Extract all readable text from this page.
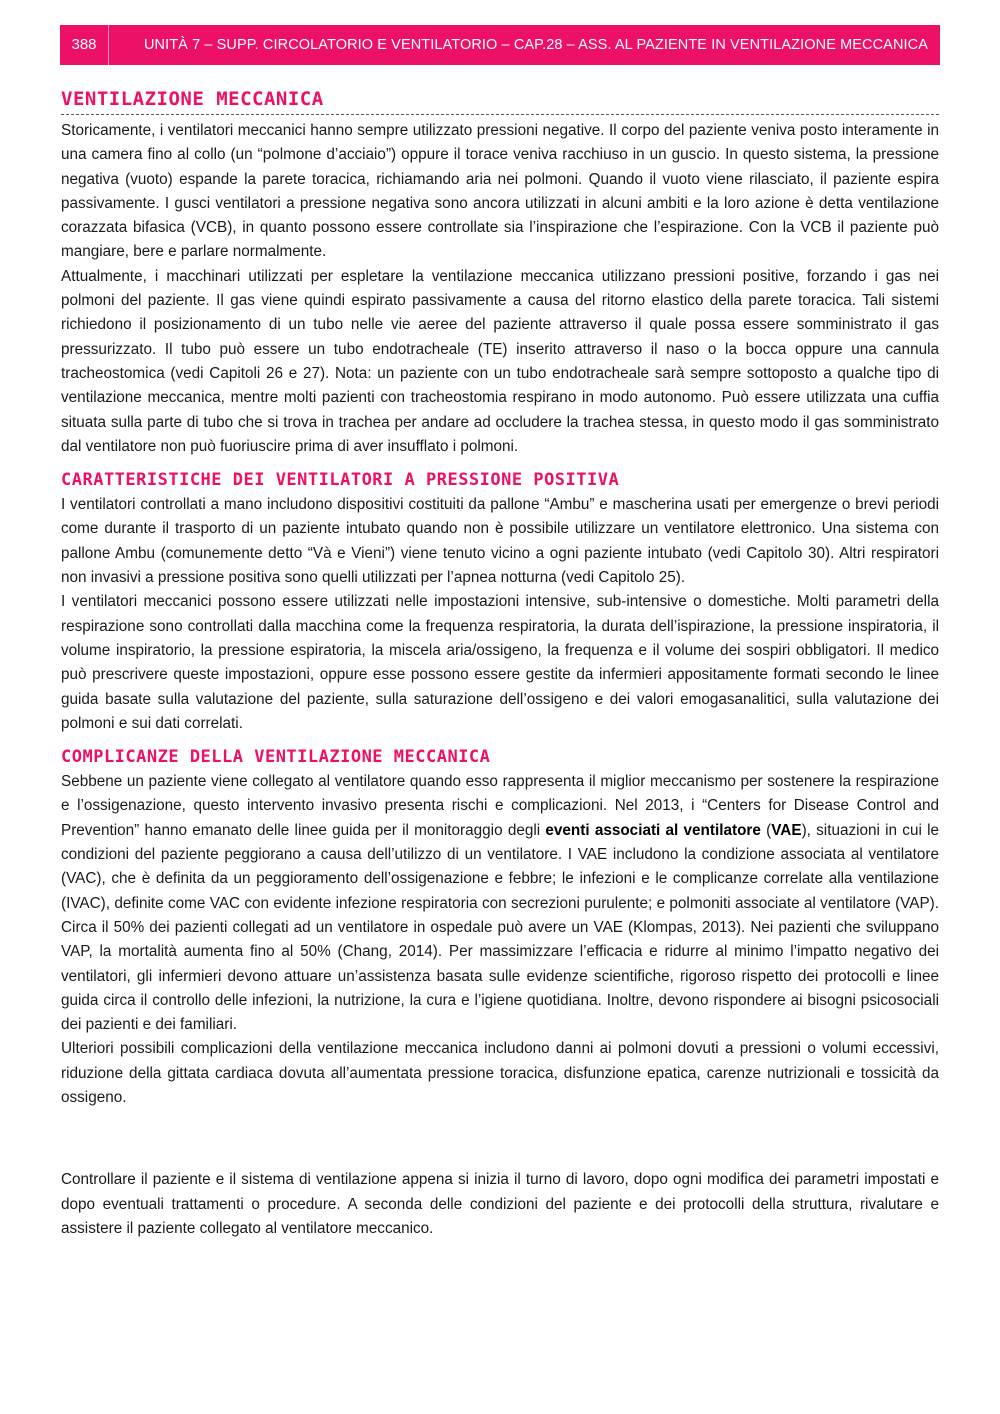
388	UNITÀ 7 – SUPP. CIRCOLATORIO E VENTILATORIO – CAP.28 – ASS. AL PAZIENTE IN VENTILAZIONE MECCANICA
VENTILAZIONE MECCANICA

Storicamente, i ventilatori meccanici hanno sempre utilizzato pressioni negative. Il corpo del paziente veniva posto interamente in una camera fino al collo (un “polmone d’acciaio”) oppure il torace veniva racchiuso in un guscio. In questo sistema, la pressione negativa (vuoto) espande la parete toracica, richiamando aria nei polmoni. Quando il vuoto viene rilasciato, il paziente espira passivamente. I gusci ventilatori a pressione negativa sono ancora utilizzati in alcuni ambiti e la loro azione è detta ventilazione corazzata bifasica (VCB), in quanto possono essere controllate sia l’inspirazione che l’espirazione. Con la VCB il paziente può mangiare, bere e parlare normalmente.

Attualmente, i macchinari utilizzati per espletare la ventilazione meccanica utilizzano pressioni positive, forzando i gas nei polmoni del paziente. Il gas viene quindi espirato passivamente a causa del ritorno elastico della parete toracica. Tali sistemi richiedono il posizionamento di un tubo nelle vie aeree del paziente attraverso il quale possa essere somministrato il gas pressurizzato. Il tubo può essere un tubo endotracheale (TE) inserito attraverso il naso o la bocca oppure una cannula tracheostomica (vedi Capitoli 26 e 27). Nota: un paziente con un tubo endotracheale sarà sempre sottoposto a qualche tipo di ventilazione meccanica, mentre molti pazienti con tracheostomia respirano in modo autonomo. Può essere utilizzata una cuffia situata sulla parte di tubo che si trova in trachea per andare ad occludere la trachea stessa, in questo modo il gas somministrato dal ventilatore non può fuoriuscire prima di aver insufflato i polmoni.

CARATTERISTICHE DEI VENTILATORI A PRESSIONE POSITIVA

I ventilatori controllati a mano includono dispositivi costituiti da pallone “Ambu” e mascherina usati per emergenze o brevi periodi come durante il trasporto di un paziente intubato quando non è possibile utilizzare un ventilatore elettronico. Una sistema con pallone Ambu (comunemente detto “Và e Vieni”) viene tenuto vicino a ogni paziente intubato (vedi Capitolo 30). Altri respiratori non invasivi a pressione positiva sono quelli utilizzati per l’apnea notturna (vedi Capitolo 25).

I ventilatori meccanici possono essere utilizzati nelle impostazioni intensive, sub-intensive o domestiche. Molti parametri della respirazione sono controllati dalla macchina come la frequenza respiratoria, la durata dell’ispirazione, la pressione inspiratoria, il volume inspiratorio, la pressione espiratoria, la miscela aria/ossigeno, la frequenza e il volume dei sospiri obbligatori. Il medico può prescrivere queste impostazioni, oppure esse possono essere gestite da infermieri appositamente formati secondo le linee guida basate sulla valutazione del paziente, sulla saturazione dell’ossigeno e dei valori emogasanalitici, sulla valutazione dei polmoni e sui dati correlati.

COMPLICANZE DELLA VENTILAZIONE MECCANICA

Sebbene un paziente viene collegato al ventilatore quando esso rappresenta il miglior meccanismo per sostenere la respirazione e l’ossigenazione, questo intervento invasivo presenta rischi e complicazioni. Nel 2013, i “Centers for Disease Control and Prevention” hanno emanato delle linee guida per il monitoraggio degli eventi associati al ventilatore (VAE), situazioni in cui le condizioni del paziente peggiorano a causa dell’utilizzo di un ventilatore. I VAE includono la condizione associata al ventilatore (VAC), che è definita da un peggioramento dell’ossigenazione e febbre; le infezioni e le complicanze correlate alla ventilazione (IVAC), definite come VAC con evidente infezione respiratoria con secrezioni purulente; e polmoniti associate al ventilatore (VAP). Circa il 50% dei pazienti collegati ad un ventilatore in ospedale può avere un VAE (Klompas, 2013). Nei pazienti che sviluppano VAP, la mortalità aumenta fino al 50% (Chang, 2014). Per massimizzare l’efficacia e ridurre al minimo l’impatto negativo dei ventilatori, gli infermieri devono attuare un’assistenza basata sulle evidenze scientifiche, rigoroso rispetto dei protocolli e linee guida circa il controllo delle infezioni, la nutrizione, la cura e l’igiene quotidiana. Inoltre, devono rispondere ai bisogni psicosociali dei pazienti e dei familiari.

Ulteriori possibili complicazioni della ventilazione meccanica includono danni ai polmoni dovuti a pressioni o volumi eccessivi, riduzione della gittata cardiaca dovuta all’aumentata pressione toracica, disfunzione epatica, carenze nutrizionali e tossicità da ossigeno.

Controllare il paziente e il sistema di ventilazione appena si inizia il turno di lavoro, dopo ogni modifica dei parametri impostati e dopo eventuali trattamenti o procedure. A seconda delle condizioni del paziente e dei protocolli della struttura, rivalutare e assistere il paziente collegato al ventilatore meccanico.
